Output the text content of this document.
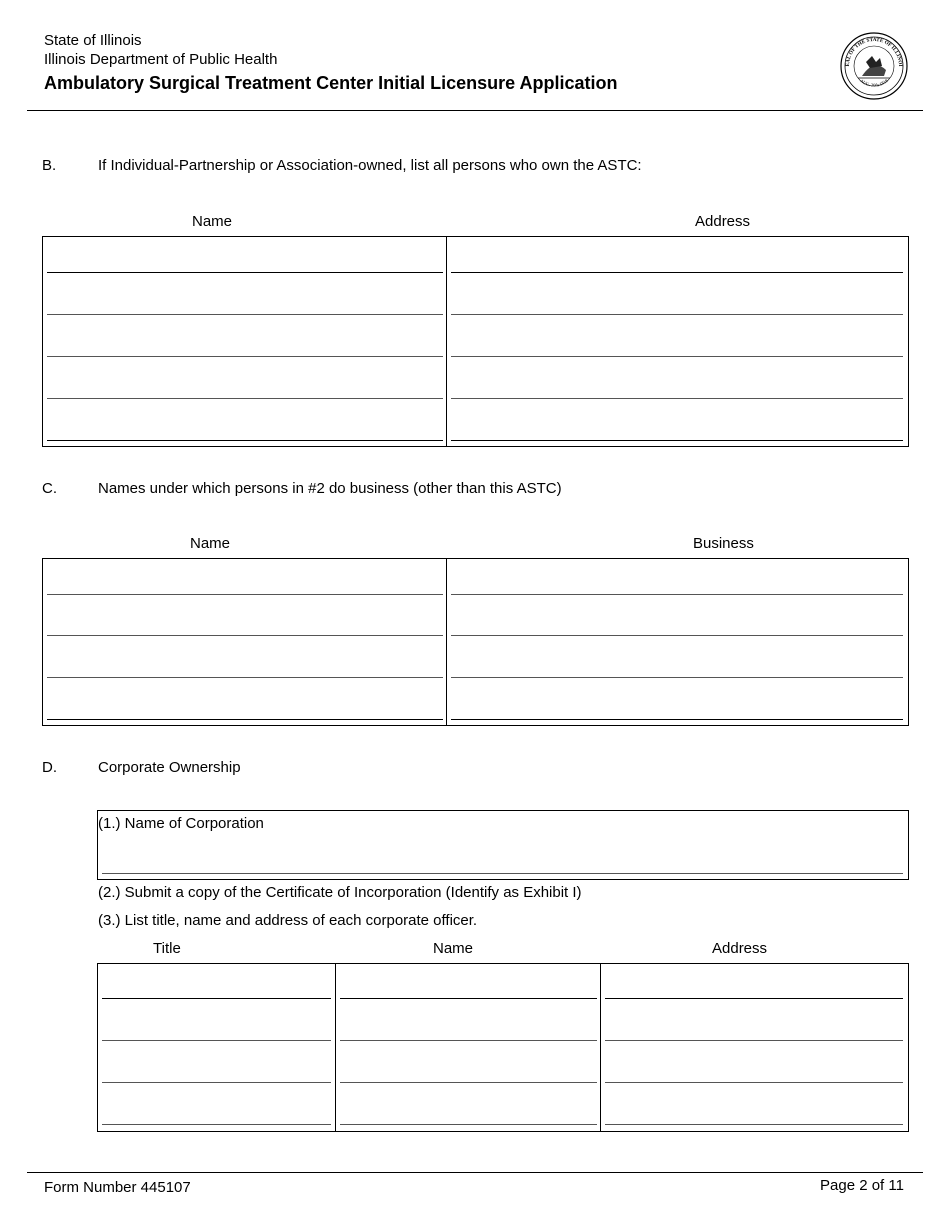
State of Illinois
Illinois Department of Public Health
Ambulatory Surgical Treatment Center Initial Licensure Application
EAL OF THE STATE OF ILLINOI
AUG. 26th 1818
B.	If Individual-Partnership or Association-owned, list all persons who own the ASTC:
Name	Address
C.	Names under which persons in #2 do business (other than this ASTC)
Name	Business
D.	Corporate Ownership
(1.) Name of Corporation
(2.) Submit a copy of the Certificate of Incorporation (Identify as Exhibit I)
(3.) List title, name and address of each corporate officer.
Title	Name	Address
Form Number 445107	Page 2 of 11
